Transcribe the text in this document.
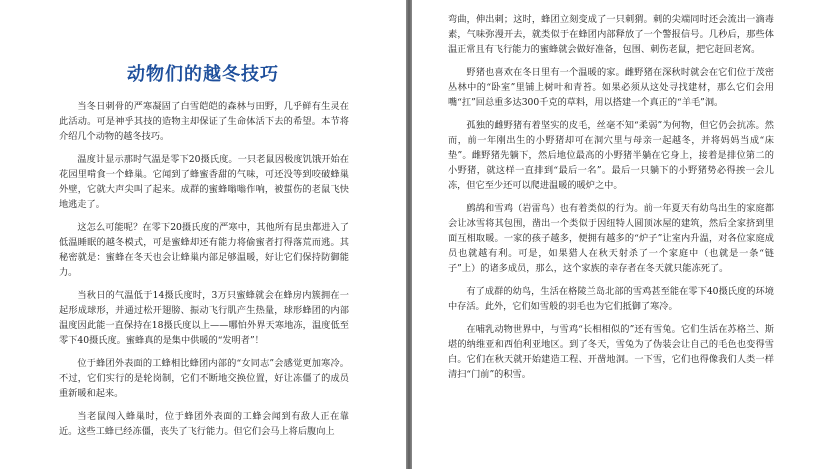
动物们的越冬技巧

当冬日刺骨的严寒凝固了白雪皑皑的森林与田野，几乎鲜有生灵在此活动。可是神乎其技的造物主却保证了生命体活下去的希望。本节将介绍几个动物的越冬技巧。

温度计显示那时气温是零下20摄氏度。一只老鼠因极度饥饿开始在花园里啃食一个蜂巢。它闻到了蜂蜜香甜的气味，可还没等到咬破蜂巢外壁，它就大声尖叫了起来。成群的蜜蜂嗡嗡作响，被蜇伤的老鼠飞快地逃走了。

这怎么可能呢？在零下20摄氏度的严寒中，其他所有昆虫都进入了低温睡眠的越冬模式，可是蜜蜂却还有能力将偷蜜者打得落荒而逃。其秘密就是：蜜蜂在冬天也会让蜂巢内部足够温暖，好让它们保持防御能力。

当秋日的气温低于14摄氏度时，3万只蜜蜂就会在蜂房内簇拥在一起形成球形，并通过松开翅膀、振动飞行肌产生热量，球形蜂团的内部温度因此能一直保持在18摄氏度以上——哪怕外界天寒地冻，温度低至零下40摄氏度。蜜蜂真的是集中供暖的“发明者”！

位于蜂团外表面的工蜂相比蜂团内部的“女同志”会感觉更加寒冷。不过，它们实行的是轮岗制，它们不断地交换位置，好让冻僵了的成员重新暖和起来。

当老鼠闯入蜂巢时，位于蜂团外表面的工蜂会闻到有敌人正在靠近。这些工蜂已经冻僵，丧失了飞行能力。但它们会马上将后腹向上

弯曲，伸出刺；这时，蜂团立刻变成了一只刺猬。刺的尖端同时还会流出一滴毒素，气味弥漫开去，就类似于在蜂团内部释放了一个警报信号。几秒后，那些体温正常且有飞行能力的蜜蜂就会做好准备，包围、刺伤老鼠，把它赶回老窝。

野猪也喜欢在冬日里有一个温暖的家。雌野猪在深秋时就会在它们位于茂密丛林中的“卧室”里铺上树叶和青苔。如果必须从这处寻找建材，那么它们会用嘴“扛”回总重多达300千克的草料，用以搭建一个真正的“羊毛”洞。

孤独的雌野猪有着坚实的皮毛，丝毫不知“柔弱”为何物，但它仍会抗冻。然而，前一年刚出生的小野猪却可在洞穴里与母亲一起越冬，并将妈妈当成“床垫”。雌野猪先躺下，然后地位最高的小野猪半躺在它身上，接着是排位第二的小野猪，就这样一直排到“最后一名”。最后一只躺下的小野猪势必得挨一会儿冻，但它至少还可以爬进温暖的暖炉之中。

鹧鸪和雪鸡（岩雷鸟）也有着类似的行为。前一年夏天有幼鸟出生的家庭都会让冰雪将其包围，凿出一个类似于因纽特人圆顶冰屋的建筑，然后全家挤到里面互相取暖。一家的孩子越多，便拥有越多的“炉子”让室内升温，对各位家庭成员也就越有利。可是，如果猎人在秋天射杀了一个家庭中（也就是一条“链子”上）的诸多成员，那么，这个家族的幸存者在冬天就只能冻死了。

有了成群的幼鸟，生活在格陵兰岛北部的雪鸡甚至能在零下40摄氏度的环境中存活。此外，它们如雪般的羽毛也为它们抵御了寒冷。

在哺乳动物世界中，与雪鸡“长相相似的”还有雪兔。它们生活在苏格兰、斯堪的纳维亚和西伯利亚地区。到了冬天，雪兔为了伪装会让自己的毛色也变得雪白。它们在秋天就开始建造工程、开凿地洞。一下雪，它们也得像我们人类一样清扫“门前”的积雪。
